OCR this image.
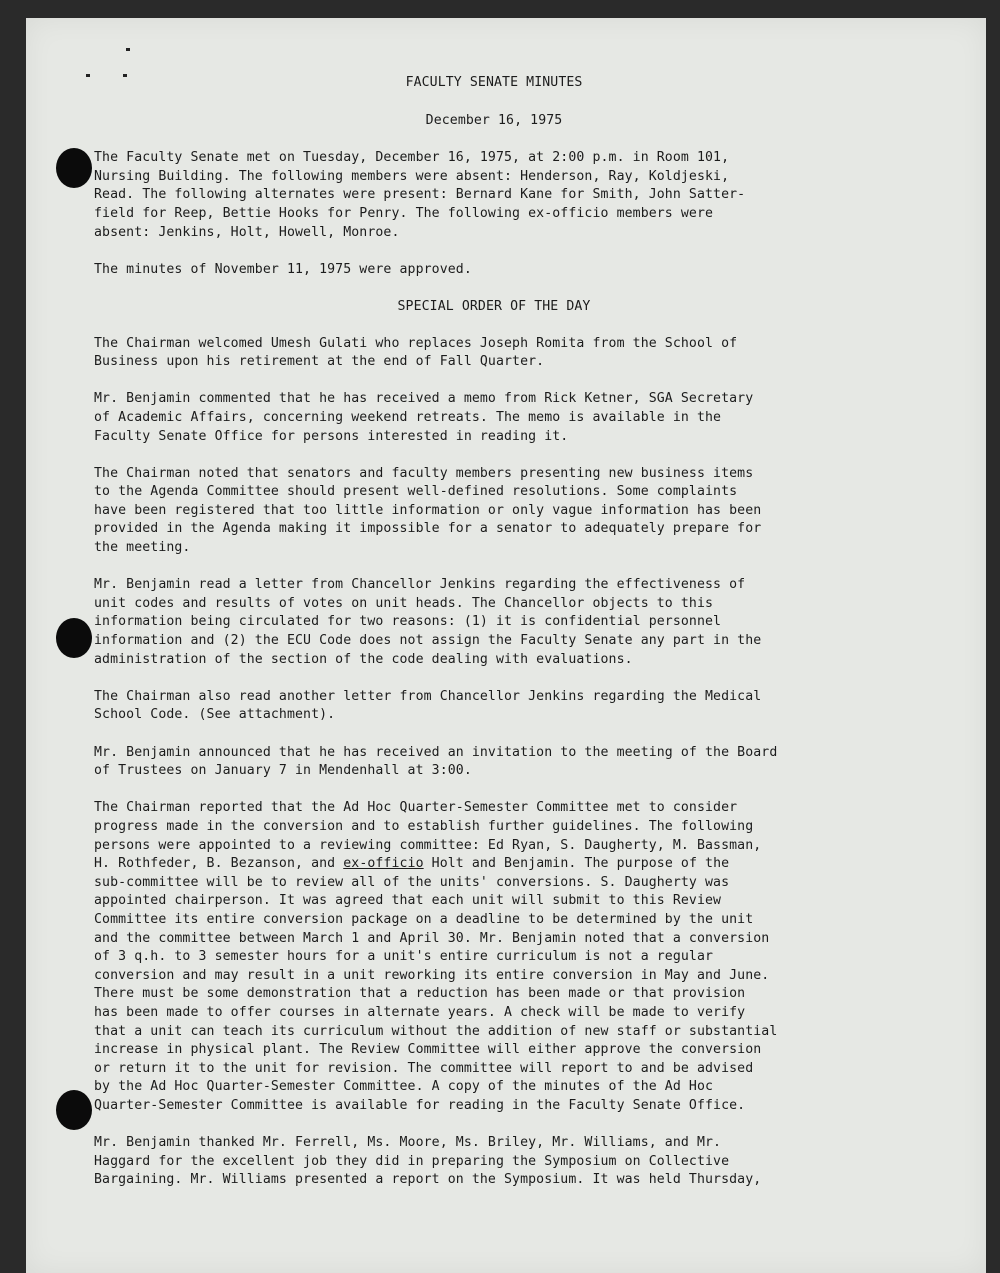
FACULTY SENATE MINUTES

December 16, 1975

The Faculty Senate met on Tuesday, December 16, 1975, at 2:00 p.m. in Room 101,
Nursing Building. The following members were absent: Henderson, Ray, Koldjeski,
Read. The following alternates were present: Bernard Kane for Smith, John Satter-
field for Reep, Bettie Hooks for Penry. The following ex-officio members were
absent: Jenkins, Holt, Howell, Monroe.

The minutes of November 11, 1975 were approved.

SPECIAL ORDER OF THE DAY

The Chairman welcomed Umesh Gulati who replaces Joseph Romita from the School of
Business upon his retirement at the end of Fall Quarter.

Mr. Benjamin commented that he has received a memo from Rick Ketner, SGA Secretary
of Academic Affairs, concerning weekend retreats. The memo is available in the
Faculty Senate Office for persons interested in reading it.

The Chairman noted that senators and faculty members presenting new business items
to the Agenda Committee should present well-defined resolutions. Some complaints
have been registered that too little information or only vague information has been
provided in the Agenda making it impossible for a senator to adequately prepare for
the meeting.

Mr. Benjamin read a letter from Chancellor Jenkins regarding the effectiveness of
unit codes and results of votes on unit heads. The Chancellor objects to this
information being circulated for two reasons: (1) it is confidential personnel
information and (2) the ECU Code does not assign the Faculty Senate any part in the
administration of the section of the code dealing with evaluations.

The Chairman also read another letter from Chancellor Jenkins regarding the Medical
School Code. (See attachment).

Mr. Benjamin announced that he has received an invitation to the meeting of the Board
of Trustees on January 7 in Mendenhall at 3:00.

The Chairman reported that the Ad Hoc Quarter-Semester Committee met to consider
progress made in the conversion and to establish further guidelines. The following
persons were appointed to a reviewing committee: Ed Ryan, S. Daugherty, M. Bassman,
H. Rothfeder, B. Bezanson, and ex-officio Holt and Benjamin. The purpose of the
sub-committee will be to review all of the units' conversions. S. Daugherty was
appointed chairperson. It was agreed that each unit will submit to this Review
Committee its entire conversion package on a deadline to be determined by the unit
and the committee between March 1 and April 30. Mr. Benjamin noted that a conversion
of 3 q.h. to 3 semester hours for a unit's entire curriculum is not a regular
conversion and may result in a unit reworking its entire conversion in May and June.
There must be some demonstration that a reduction has been made or that provision
has been made to offer courses in alternate years. A check will be made to verify
that a unit can teach its curriculum without the addition of new staff or substantial
increase in physical plant. The Review Committee will either approve the conversion
or return it to the unit for revision. The committee will report to and be advised
by the Ad Hoc Quarter-Semester Committee. A copy of the minutes of the Ad Hoc
Quarter-Semester Committee is available for reading in the Faculty Senate Office.

Mr. Benjamin thanked Mr. Ferrell, Ms. Moore, Ms. Briley, Mr. Williams, and Mr.
Haggard for the excellent job they did in preparing the Symposium on Collective
Bargaining. Mr. Williams presented a report on the Symposium. It was held Thursday,
